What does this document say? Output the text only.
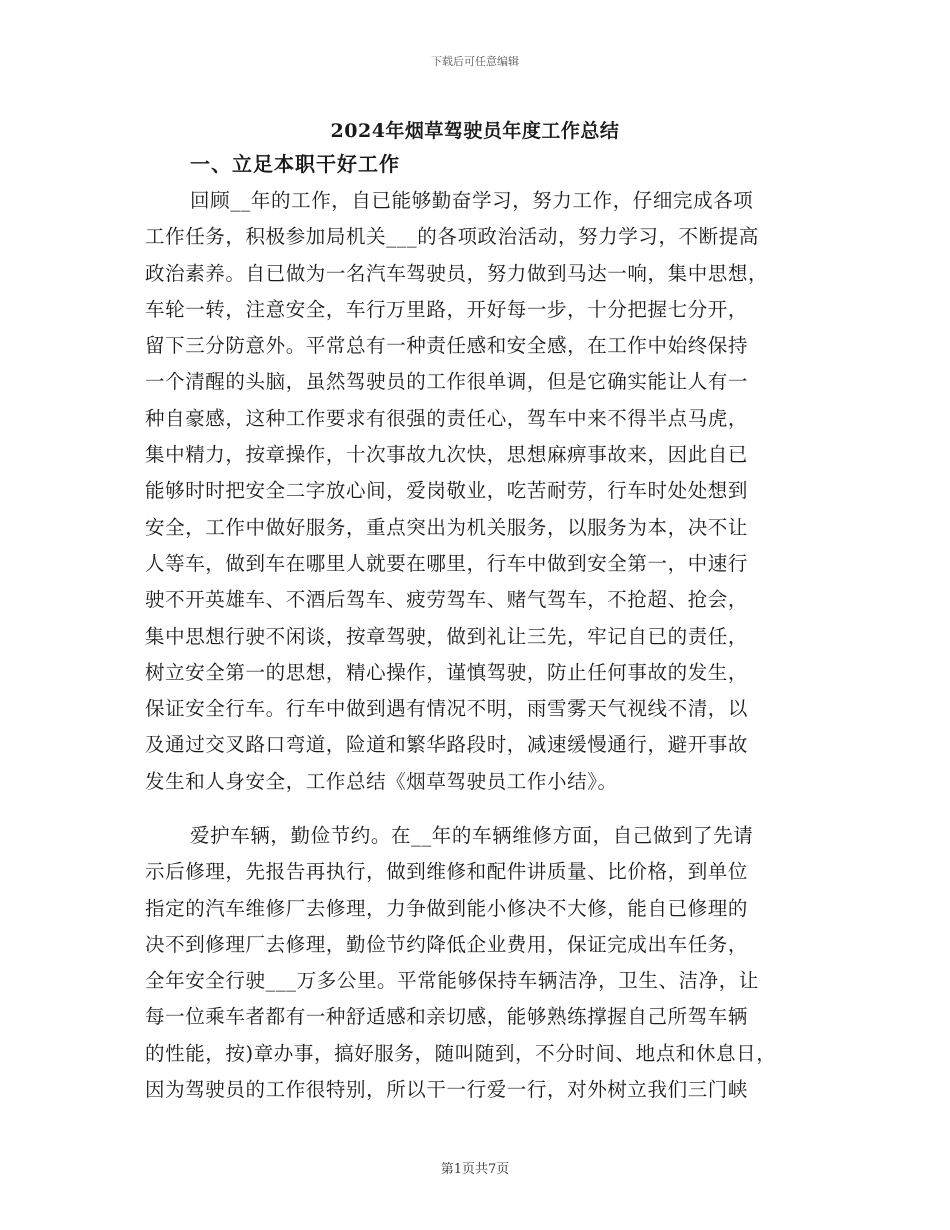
下载后可任意编辑
2024年烟草驾驶员年度工作总结
一、立足本职干好工作
回顾__年的工作，自已能够勤奋学习，努力工作，仔细完成各项
工作任务，积极参加局机关___的各项政治活动，努力学习，不断提高
政治素养。自已做为一名汽车驾驶员，努力做到马达一响，集中思想，
车轮一转，注意安全，车行万里路，开好每一步，十分把握七分开，
留下三分防意外。平常总有一种责任感和安全感，在工作中始终保持
一个清醒的头脑，虽然驾驶员的工作很单调，但是它确实能让人有一
种自豪感，这种工作要求有很强的责任心，驾车中来不得半点马虎，
集中精力，按章操作，十次事故九次快，思想麻痹事故来，因此自已
能够时时把安全二字放心间，爱岗敬业，吃苦耐劳，行车时处处想到
安全，工作中做好服务，重点突出为机关服务，以服务为本，决不让
人等车，做到车在哪里人就要在哪里，行车中做到安全第一，中速行
驶不开英雄车、不酒后驾车、疲劳驾车、赌气驾车，不抢超、抢会，
集中思想行驶不闲谈，按章驾驶，做到礼让三先，牢记自已的责任，
树立安全第一的思想，精心操作，谨慎驾驶，防止任何事故的发生，
保证安全行车。行车中做到遇有情况不明，雨雪雾天气视线不清，以
及通过交叉路口弯道，险道和繁华路段时，减速缓慢通行，避开事故
发生和人身安全，工作总结《烟草驾驶员工作小结》。
爱护车辆，勤俭节约。在__年的车辆维修方面，自己做到了先请
示后修理，先报告再执行，做到维修和配件讲质量、比价格，到单位
指定的汽车维修厂去修理，力争做到能小修决不大修，能自已修理的
决不到修理厂去修理，勤俭节约降低企业费用，保证完成出车任务，
全年安全行驶___万多公里。平常能够保持车辆洁净，卫生、洁净，让
每一位乘车者都有一种舒适感和亲切感，能够熟练撑握自己所驾车辆
的性能，按)章办事，搞好服务，随叫随到，不分时间、地点和休息日，
因为驾驶员的工作很特别，所以干一行爱一行，对外树立我们三门峡
第1页共7页
